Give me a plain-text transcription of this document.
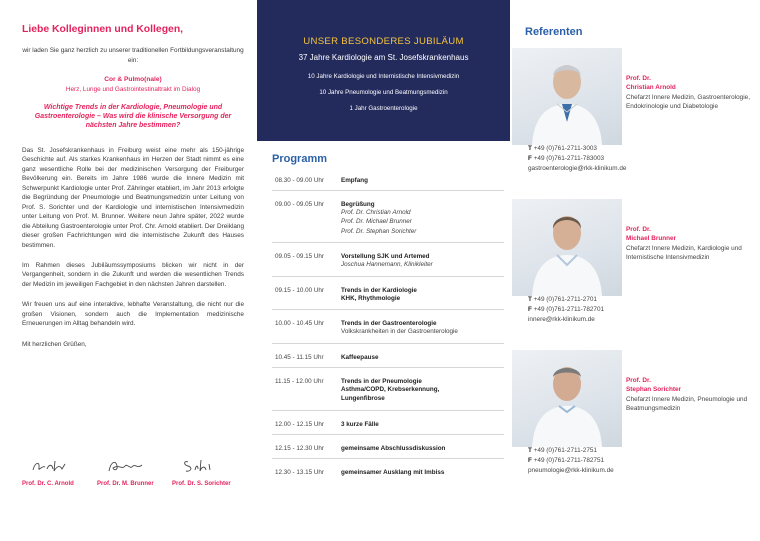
Liebe Kolleginnen und Kollegen,
wir laden Sie ganz herzlich zu unserer traditionellen Fortbildungsveranstaltung ein:
Cor & Pulmo(nale)
Herz, Lunge und Gastrointestinaltrakt im Dialog
Wichtige Trends in der Kardiologie, Pneumologie und Gastroenterologie – Was wird die klinische Versorgung der nächsten Jahre bestimmen?
Das St. Josefskrankenhaus in Freiburg weist eine mehr als 150-jährige Geschichte auf. Als starkes Krankenhaus im Herzen der Stadt nimmt es eine ganz wesentliche Rolle bei der medizinischen Versorgung der Freiburger Bevölkerung ein. Bereits im Jahre 1986 wurde die Innere Medizin mit Schwerpunkt Kardiologie unter Prof. Zähringer etabliert, im Jahr 2013 erfolgte die Begründung der Pneumologie und Beatmungsmedizin unter Leitung von Prof. S. Sorichter und der Kardiologie und internistischen Intensivmedizin unter Leitung von Prof. M. Brunner. Weitere neun Jahre später, 2022 wurde die Abteilung Gastroenterologie unter Prof. Chr. Arnold etabliert. Der Dreiklang dieser großen Fachrichtungen wird die internistische Zukunft des Hauses bestimmen.
Im Rahmen dieses Jubiläumssymposiums blicken wir nicht in der Vergangenheit, sondern in die Zukunft und werden die wesentlichen Trends der Medizin im jeweiligen Fachgebiet in den nächsten Jahren darstellen.
Wir freuen uns auf eine interaktive, lebhafte Veranstaltung, die nicht nur die großen Visionen, sondern auch die Implementation medizinische Erneuerungen im Alltag behandeln wird.
Mit herzlichen Grüßen,
Prof. Dr. C. Arnold	Prof. Dr. M. Brunner	Prof. Dr. S. Sorichter
UNSER BESONDERES JUBILÄUM
37 Jahre Kardiologie am St. Josefskrankenhaus
10 Jahre Kardiologie und Internistische Intensivmedizin
10 Jahre Pneumologie und Beatmungsmedizin
1 Jahr Gastroenterologie
Programm
08.30 - 09.00 Uhr	Empfang
09.00 - 09.05 Uhr	Begrüßung
Prof. Dr. Christian Arnold
Prof. Dr. Michael Brunner
Prof. Dr. Stephan Sorichter
09.05 - 09.15 Uhr	Vorstellung SJK und Artemed
Joschua Hannemann, Klinikleiter
09.15 - 10.00 Uhr	Trends in der Kardiologie
KHK, Rhythmologie
10.00 - 10.45 Uhr	Trends in der Gastroenterologie
Volkskrankheiten in der Gastroenterologie
10.45 - 11.15 Uhr	Kaffeepause
11.15 - 12.00 Uhr	Trends in der Pneumologie
Asthma/COPD, Krebserkennung,
Lungenfibrose
12.00 - 12.15 Uhr	3 kurze Fälle
12.15 - 12.30 Uhr	gemeinsame Abschlussdiskussion
12.30 - 13.15 Uhr	gemeinsamer Ausklang mit Imbiss
Referenten
Prof. Dr.
Christian Arnold
Chefarzt Innere Medizin, Gastroenterologie, Endokrinologie und Diabetologie
T +49 (0)761-2711-3003
F +49 (0)761-2711-783003
gastroenterologie@rkk-klinikum.de
Prof. Dr.
Michael Brunner
Chefarzt Innere Medizin, Kardiologie und Internistische Intensivmedizin
T +49 (0)761-2711-2701
F +49 (0)761-2711-782701
innere@rkk-klinikum.de
Prof. Dr.
Stephan Sorichter
Chefarzt Innere Medizin, Pneumologie und Beatmungsmedizin
T +49 (0)761-2711-2751
F +49 (0)761-2711-782751
pneumologie@rkk-klinikum.de
